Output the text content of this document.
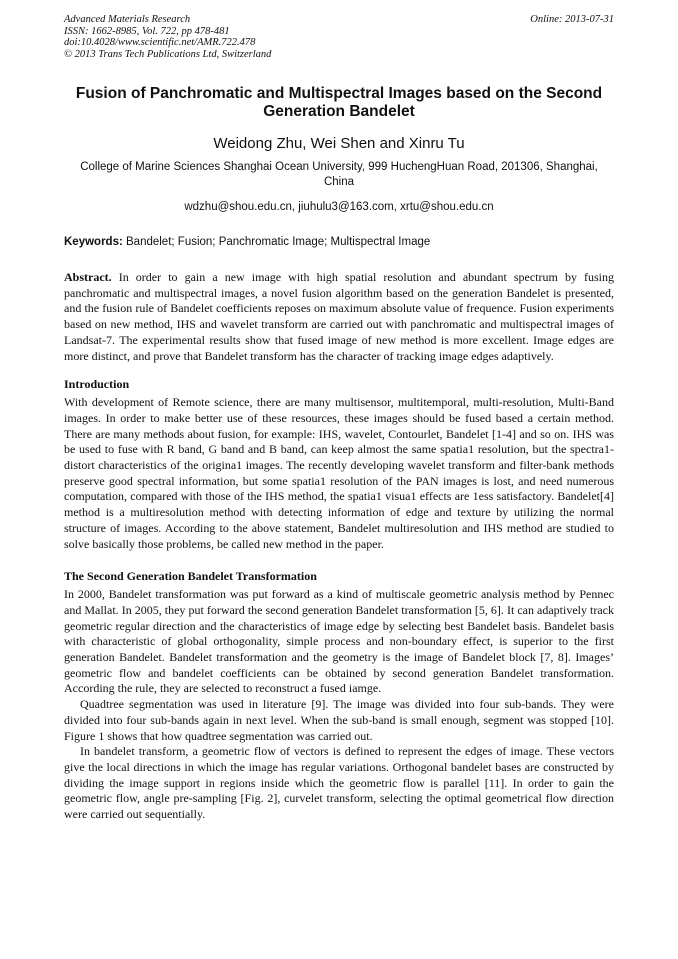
Advanced Materials Research
ISSN: 1662-8985, Vol. 722, pp 478-481
doi:10.4028/www.scientific.net/AMR.722.478
© 2013 Trans Tech Publications Ltd, Switzerland
Online: 2013-07-31
Fusion of Panchromatic and Multispectral Images based on the Second Generation Bandelet
Weidong Zhu, Wei Shen and Xinru Tu
College of Marine Sciences Shanghai Ocean University, 999 HuchengHuan Road, 201306, Shanghai, China
wdzhu@shou.edu.cn, jiuhulu3@163.com, xrtu@shou.edu.cn
Keywords: Bandelet; Fusion; Panchromatic Image; Multispectral Image

Abstract. In order to gain a new image with high spatial resolution and abundant spectrum by fusing panchromatic and multispectral images, a novel fusion algorithm based on the generation Bandelet is presented, and the fusion rule of Bandelet coefficients reposes on maximum absolute value of frequence. Fusion experiments based on new method, IHS and wavelet transform are carried out with panchromatic and multispectral images of Landsat-7. The experimental results show that fused image of new method is more excellent. Image edges are more distinct, and prove that Bandelet transform has the character of tracking image edges adaptively.

Introduction

With development of Remote science, there are many multisensor, multitemporal, multi-resolution, Multi-Band images. In order to make better use of these resources, these images should be fused based a certain method. There are many methods about fusion, for example: IHS, wavelet, Contourlet, Bandelet [1-4] and so on. IHS was be used to fuse with R band, G band and B band, can keep almost the same spatia1 resolution, but the spectra1-distort characteristics of the origina1 images. The recently developing wavelet transform and filter-bank methods preserve good spectral information, but some spatia1 resolution of the PAN images is lost, and need numerous computation, compared with those of the IHS method, the spatia1 visua1 effects are 1ess satisfactory. Bandelet[4] method is a multiresolution method with detecting information of edge and texture by utilizing the normal structure of images. According to the above statement, Bandelet multiresolution and IHS method are studied to solve basically those problems, be called new method in the paper.

The Second Generation Bandelet Transformation

In 2000, Bandelet transformation was put forward as a kind of multiscale geometric analysis method by Pennec and Mallat. In 2005, they put forward the second generation Bandelet transformation [5, 6]. It can adaptively track geometric regular direction and the characteristics of image edge by selecting best Bandelet basis. Bandelet basis with characteristic of global orthogonality, simple process and non-boundary effect, is superior to the first generation Bandelet. Bandelet transformation and the geometry is the image of Bandelet block [7, 8]. Images’ geometric flow and bandelet coefficients can be obtained by second generation Bandelet transformation. According the rule, they are selected to reconstruct a fused iamge.

Quadtree segmentation was used in literature [9]. The image was divided into four sub-bands. They were divided into four sub-bands again in next level. When the sub-band is small enough, segment was stopped [10]. Figure 1 shows that how quadtree segmentation was carried out.

In bandelet transform, a geometric flow of vectors is defined to represent the edges of image. These vectors give the local directions in which the image has regular variations. Orthogonal bandelet bases are constructed by dividing the image support in regions inside which the geometric flow is parallel [11]. In order to gain the geometric flow, angle pre-sampling [Fig. 2], curvelet transform, selecting the optimal geometrical flow direction were carried out sequentially.
